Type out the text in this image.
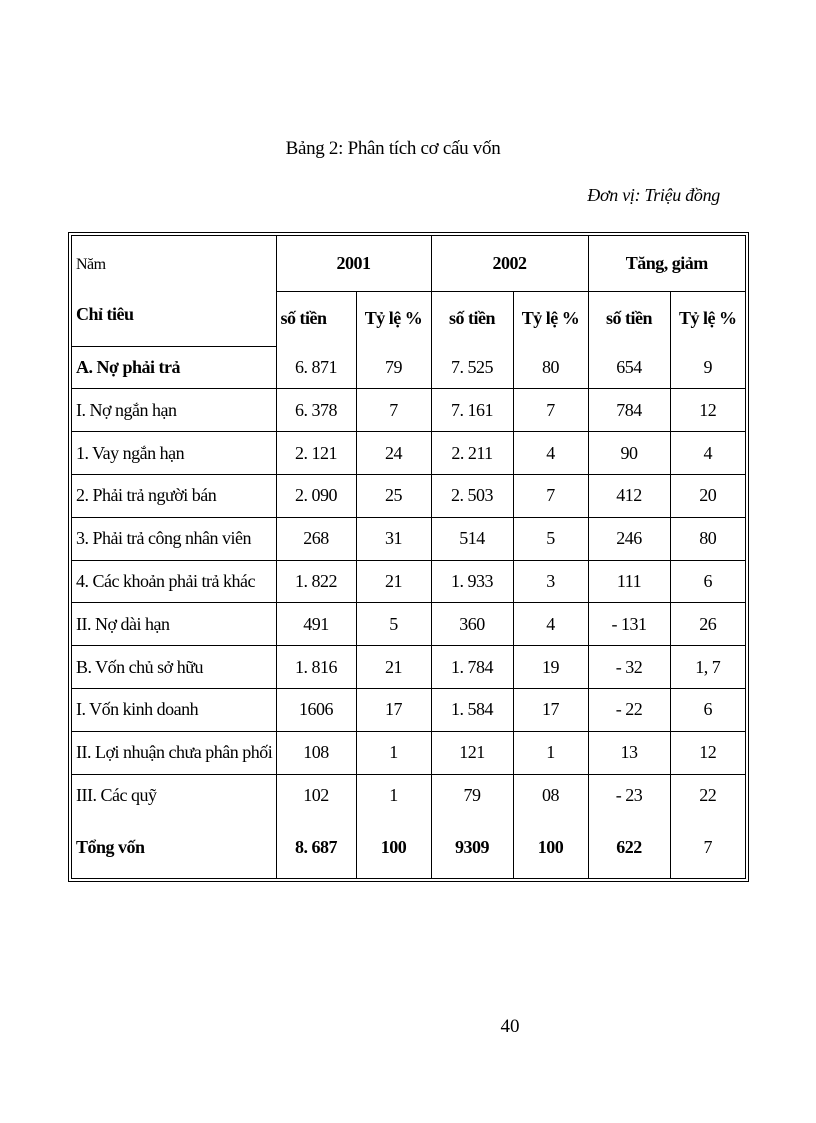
Bảng 2: Phân tích cơ cấu vốn
Đơn vị: Triệu đồng
Năm
Chỉ tiêu	2001		2002		Tăng, giảm	
	số tiền	Tỷ lệ %	số tiền	Tỷ lệ %	số tiền	Tỷ lệ %
A. Nợ phải trả	6. 871	79	7. 525	80	654	9
I. Nợ ngắn hạn	6. 378	7	7. 161	7	784	12
1. Vay ngắn hạn	2. 121	24	2. 211	4	90	4
2. Phải trả người bán	2. 090	25	2. 503	7	412	20
3. Phải trả công nhân viên	268	31	514	5	246	80
4. Các khoản phải trả khác	1. 822	21	1. 933	3	111	6
II. Nợ dài hạn	491	5	360	4	- 131	26
B. Vốn chủ sở hữu	1. 816	21	1. 784	19	- 32	1, 7
I. Vốn kinh doanh	1606	17	1. 584	17	- 22	6
II. Lợi nhuận chưa phân phối	108	1	121	1	13	12
III. Các quỹ	102	1	79	08	- 23	22
Tổng vốn	8. 687	100	9309	100	622	7
40
